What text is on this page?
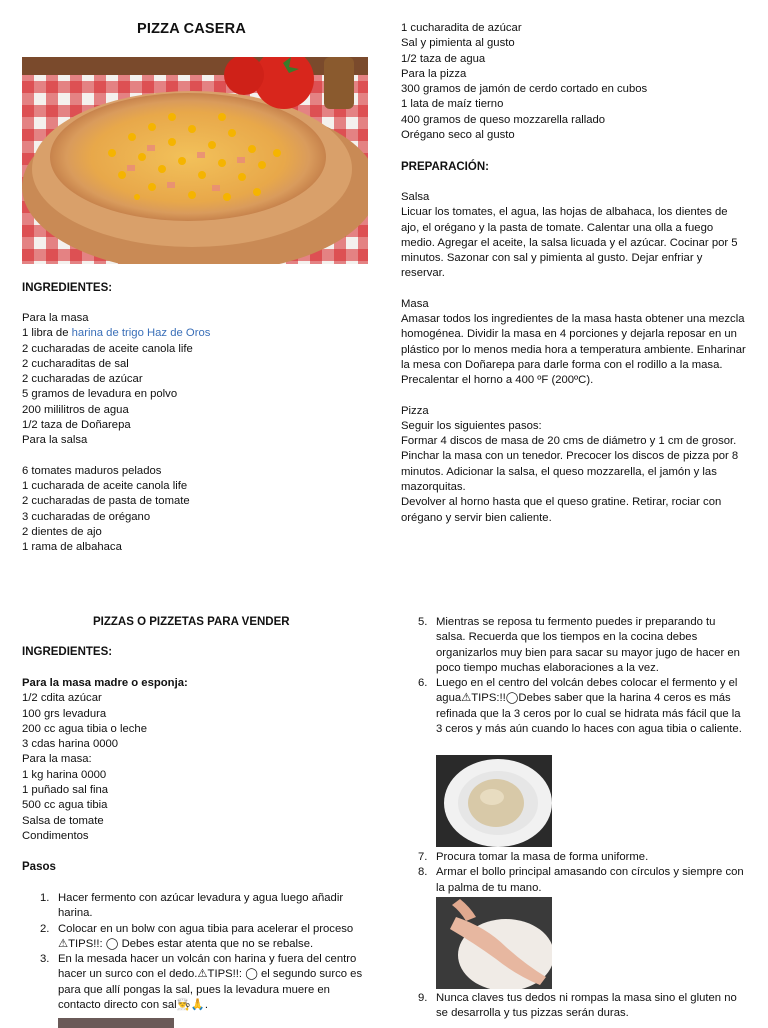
PIZZA CASERA
INGREDIENTES:
Para la masa
1 libra de harina de trigo Haz de Oros
2 cucharadas de aceite canola life
2 cucharaditas de sal
2 cucharadas de azúcar
5 gramos de levadura en polvo
200 mililitros de agua
1/2 taza de Doñarepa
Para la salsa
6 tomates maduros pelados
1 cucharada de aceite canola life
2 cucharadas de pasta de tomate
3 cucharadas de orégano
2 dientes de ajo
1 rama de albahaca
1 cucharadita de azúcar
Sal y pimienta al gusto
1/2 taza de agua
Para la pizza
300 gramos de jamón de cerdo cortado en cubos
1 lata de maíz tierno
400 gramos de queso mozzarella rallado
Orégano seco al gusto
PREPARACIÓN:
Salsa
Licuar los tomates, el agua, las hojas de albahaca, los dientes de ajo, el orégano y la pasta de tomate. Calentar una olla a fuego medio. Agregar el aceite, la salsa licuada y el azúcar. Cocinar por 5 minutos. Sazonar con sal y pimienta al gusto. Dejar enfriar y reservar.
Masa
Amasar todos los ingredientes de la masa hasta obtener una mezcla homogénea. Dividir la masa en 4 porciones y dejarla reposar en un plástico por lo menos media hora a temperatura ambiente. Enharinar la mesa con Doñarepa para darle forma con el rodillo a la masa. Precalentar el horno a 400 ºF (200ºC).
Pizza
Seguir los siguientes pasos:
Formar 4 discos de masa de 20 cms de diámetro y 1 cm de grosor. Pinchar la masa con un tenedor. Precocer los discos de pizza por 8 minutos. Adicionar la salsa, el queso mozzarella, el jamón y las mazorquitas.
Devolver al horno hasta que el queso gratine. Retirar, rociar con orégano y servir bien caliente.
PIZZAS O PIZZETAS PARA VENDER
INGREDIENTES:
Para la masa madre o esponja:
1/2 cdita azúcar
100 grs levadura
200 cc agua tibia o leche
3 cdas harina 0000
Para la masa:
1 kg harina 0000
1 puñado sal fina
500 cc agua tibia
Salsa de tomate
Condimentos
Pasos
1. Hacer fermento con azúcar levadura y agua luego añadir harina.
2. Colocar en un bolw con agua tibia para acelerar el proceso ⚠TIPS!!: ◯ Debes estar atenta que no se rebalse.
3. En la mesada hacer un volcán con harina y fuera del centro hacer un surco con el dedo.⚠TIPS!!: ◯ el segundo surco es para que allí pongas la sal, pues la levadura muere en contacto directo con sal👨‍🍳🙏.
5. Mientras se reposa tu fermento puedes ir preparando tu salsa. Recuerda que los tiempos en la cocina debes organizarlos muy bien para sacar su mayor jugo de hacer en poco tiempo muchas elaboraciones a la vez.
6. Luego en el centro del volcán debes colocar el fermento y el agua⚠TIPS:!!◯Debes saber que la harina 4 ceros es más refinada que la 3 ceros por lo cual se hidrata más fácil que la 3 ceros y más aún cuando lo haces con agua tibia o caliente.
7. Procura tomar la masa de forma uniforme.
8. Armar el bollo principal amasando con círculos y siempre con la palma de tu mano.
9. Nunca claves tus dedos ni rompas la masa sino el gluten no se desarrolla y tus pizzas serán duras.
